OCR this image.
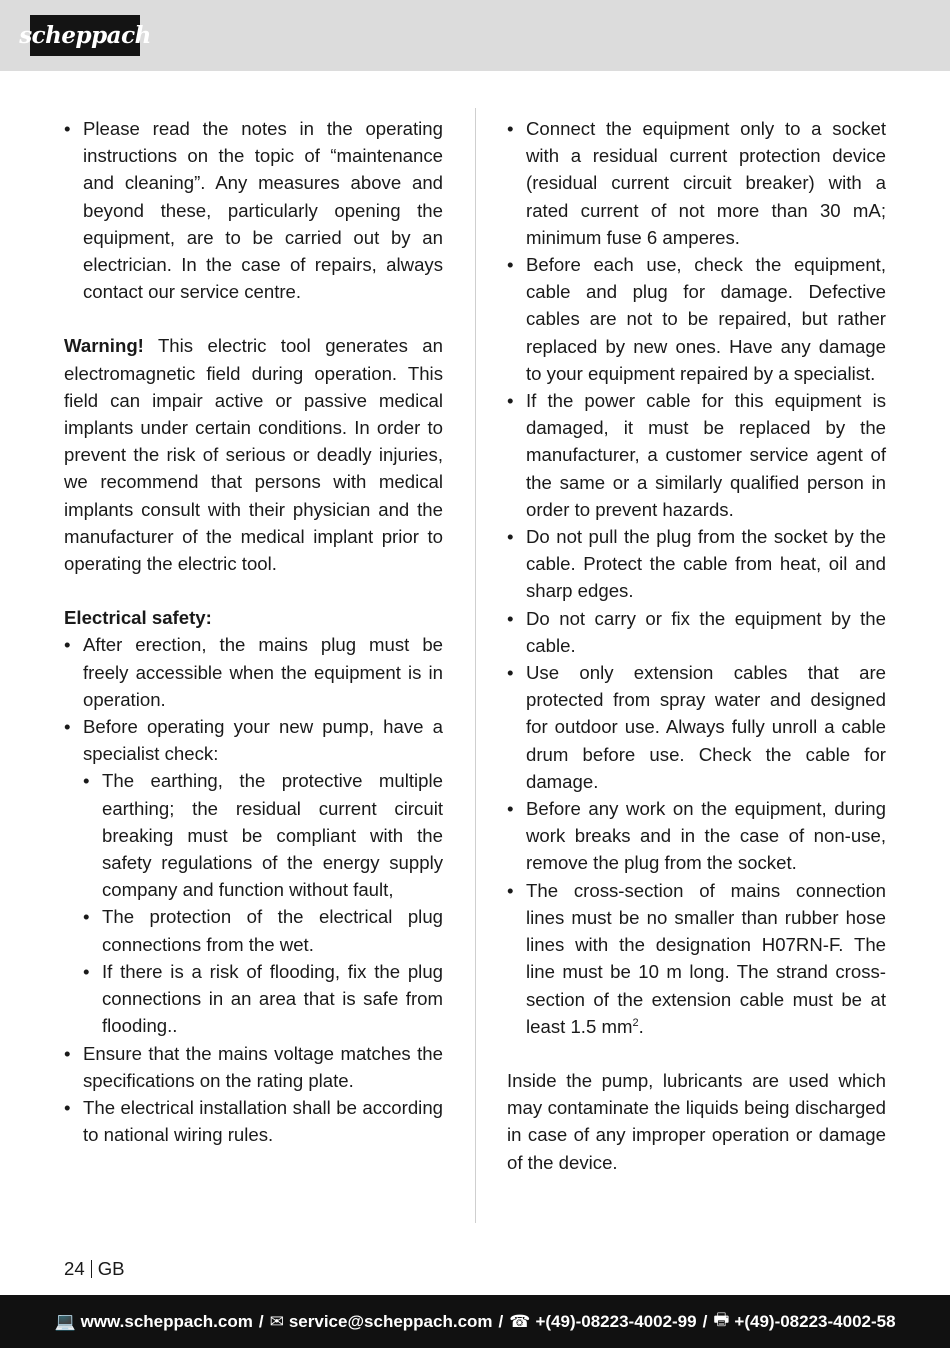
scheppach
• Please read the notes in the operating instructions on the topic of “maintenance and cleaning”. Any measures above and beyond these, particularly opening the equipment, are to be carried out by an electrician. In the case of repairs, always contact our service centre.

Warning! This electric tool generates an electromagnetic field during operation. This field can impair active or passive medical implants under certain conditions. In order to prevent the risk of serious or deadly injuries, we recommend that persons with medical implants consult with their physician and the manufacturer of the medical implant prior to operating the electric tool.

Electrical safety:
• After erection, the mains plug must be freely accessible when the equipment is in operation.
• Before operating your new pump, have a specialist check:
• The earthing, the protective multiple earthing; the residual current circuit breaking must be compliant with the safety regulations of the energy supply company and function without fault,
• The protection of the electrical plug connections from the wet.
• If there is a risk of flooding, fix the plug connections in an area that is safe from flooding..
• Ensure that the mains voltage matches the specifications on the rating plate.
• The electrical installation shall be according to national wiring rules.
• Connect the equipment only to a socket with a residual current protection device (residual current circuit breaker) with a rated current of not more than 30 mA; minimum fuse 6 amperes.
• Before each use, check the equipment, cable and plug for damage. Defective cables are not to be repaired, but rather replaced by new ones. Have any damage to your equipment repaired by a specialist.
• If the power cable for this equipment is damaged, it must be replaced by the manufacturer, a customer service agent of the same or a similarly qualified person in order to prevent hazards.
• Do not pull the plug from the socket by the cable. Protect the cable from heat, oil and sharp edges.
• Do not carry or fix the equipment by the cable.
• Use only extension cables that are protected from spray water and designed for outdoor use. Always fully unroll a cable drum before use. Check the cable for damage.
• Before any work on the equipment, during work breaks and in the case of non-use, remove the plug from the socket.
• The cross-section of mains connection lines must be no smaller than rubber hose lines with the designation H07RN-F. The line must be 10 m long. The strand cross-section of the extension cable must be at least 1.5 $mm^2$.

Inside the pump, lubricants are used which may contaminate the liquids being discharged in case of any improper operation or damage of the device.

24 GB
💻 www.scheppach.com / ✉ service@scheppach.com / ☎ +(49)-08223-4002-99 / 🖶 +(49)-08223-4002-58
